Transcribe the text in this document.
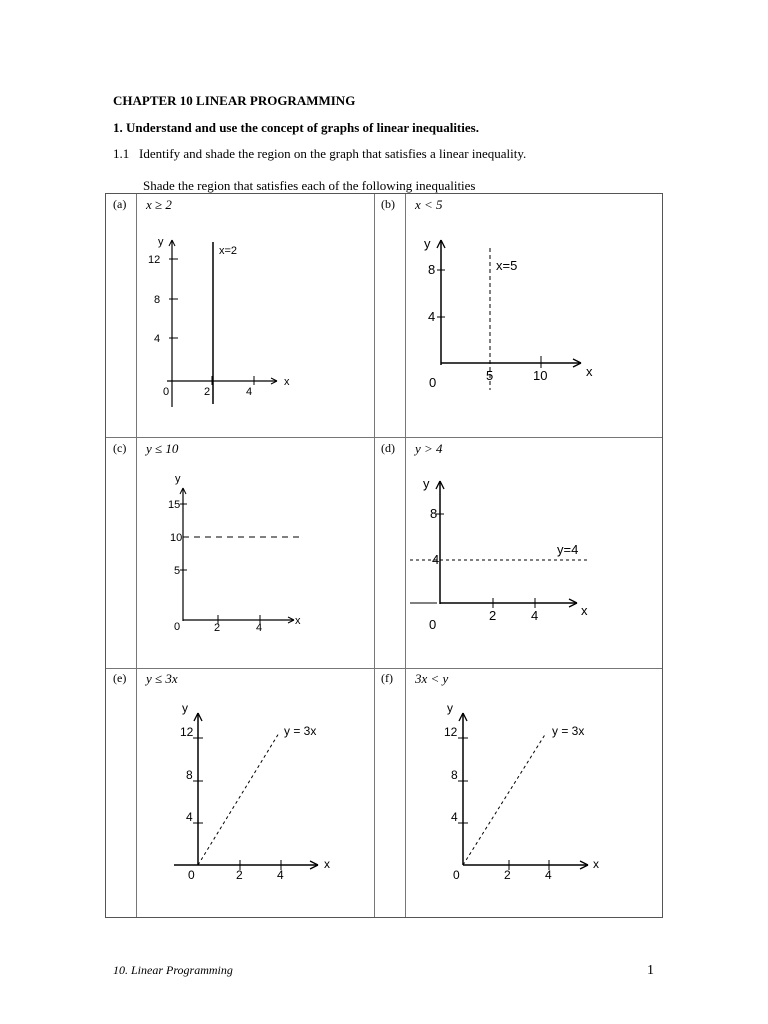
CHAPTER 10 LINEAR PROGRAMMING
1. Understand and use the concept of graphs of linear inequalities.
1.1 Identify and shade the region on the graph that satisfies a linear inequality.
Shade the region that satisfies each of the following inequalities
(a) x ≥ 2
y
12
8
4
0	2	4
x
x=2
(b) x < 5
y
8
4
0	5	10	x
x=5
(c) y ≤ 10
y
15
10
5
0	2	4
x
(d) y > 4
y
8
4
0
2	4	x
y=4
(e) y ≤ 3x
y
12
8
4
0	2	4
x
y = 3x
(f) 3x < y
y
12
8
4
0	2	4
x
y = 3x
10. Linear Programming	1
